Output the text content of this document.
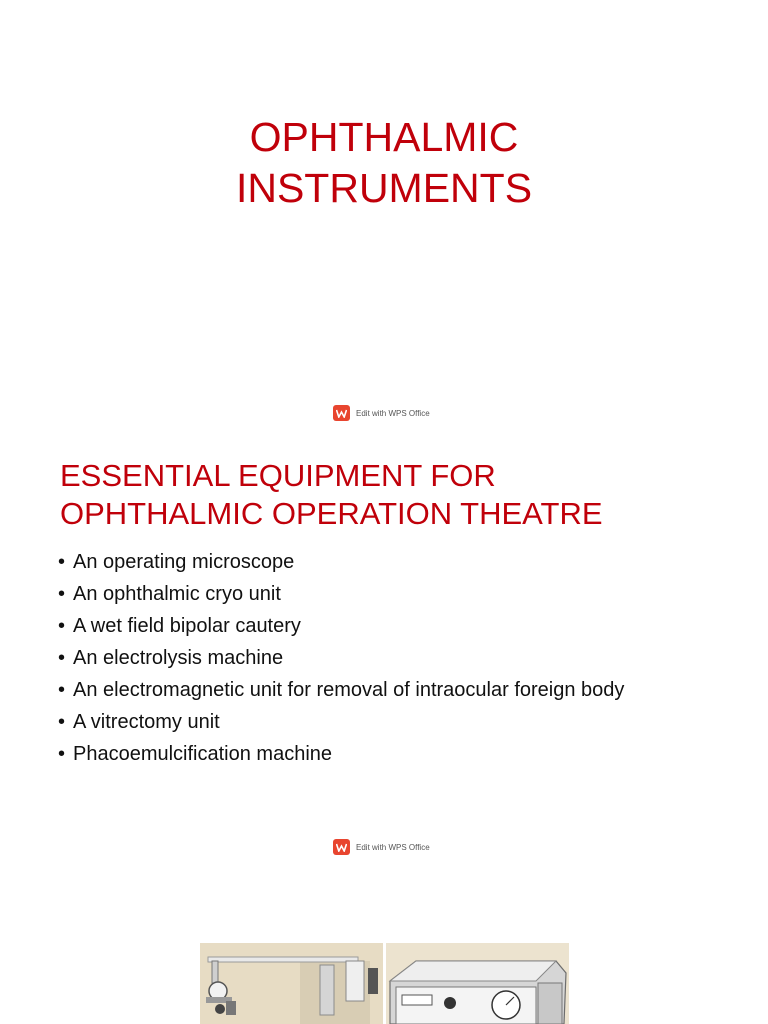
OPHTHALMIC
INSTRUMENTS
Edit with WPS Office
ESSENTIAL EQUIPMENT FOR
OPHTHALMIC OPERATION THEATRE
• An operating microscope
• An ophthalmic cryo unit
• A wet field bipolar cautery
• An electrolysis machine
• An electromagnetic unit for removal of intraocular foreign body
• A vitrectomy unit
• Phacoemulcification machine
Edit with WPS Office
